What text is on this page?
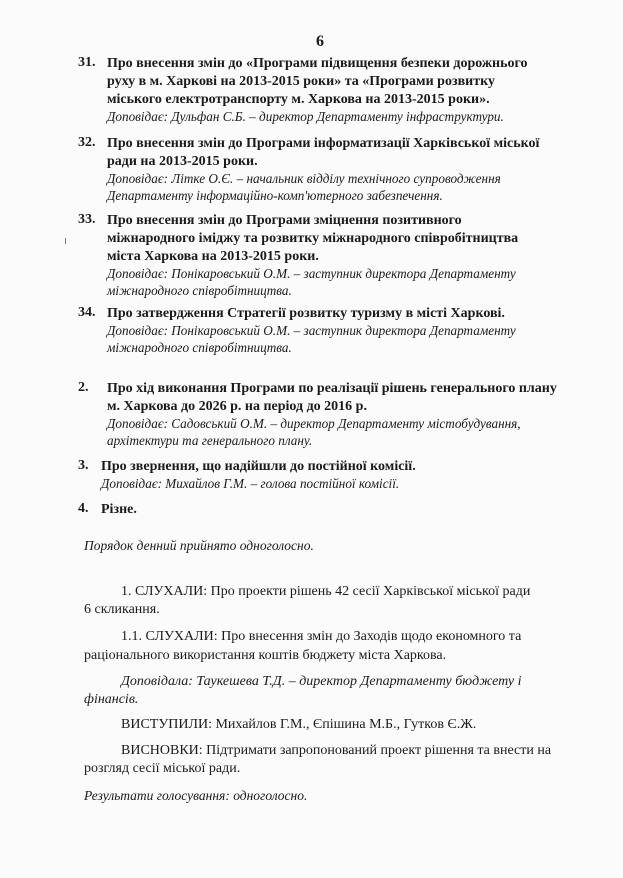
6
31. Про внесення змін до «Програми підвищення безпеки дорожнього
руху в м. Харкові на 2013-2015 роки» та «Програми розвитку
міського електротранспорту м. Харкова на 2013-2015 роки».
Доповідає: Дульфан С.Б. – директор Департаменту інфраструктури.
32. Про внесення змін до Програми інформатизації Харківської міської
ради на 2013-2015 роки.
Доповідає: Літке О.Є. – начальник відділу технічного супроводження
Департаменту інформаційно-комп'ютерного забезпечення.
33. Про внесення змін до Програми зміцнення позитивного
міжнародного іміджу та розвитку міжнародного співробітництва
міста Харкова на 2013-2015 роки.
Доповідає: Понікаровський О.М. – заступник директора Департаменту
міжнародного співробітництва.
34. Про затвердження Стратегії розвитку туризму в місті Харкові.
Доповідає: Понікаровський О.М. – заступник директора Департаменту
міжнародного співробітництва.
2. Про хід виконання Програми по реалізації рішень генерального плану
м. Харкова до 2026 р. на період до 2016 р.
Доповідає: Садовський О.М. – директор Департаменту містобудування,
архітектури та генерального плану.
3. Про звернення, що надійшли до постійної комісії.
Доповідає: Михайлов Г.М. – голова постійної комісії.
4. Різне.
Порядок денний прийнято одноголосно.
1. СЛУХАЛИ: Про проекти рішень 42 сесії Харківської міської ради
6 скликання.
1.1. СЛУХАЛИ: Про внесення змін до Заходів щодо економного та
раціонального використання коштів бюджету міста Харкова.
Доповідала: Таукешева Т.Д. – директор Департаменту бюджету і
фінансів.
ВИСТУПИЛИ: Михайлов Г.М., Єпішина М.Б., Гутков Є.Ж.
ВИСНОВКИ: Підтримати запропонований проект рішення та внести на
розгляд сесії міської ради.
Результати голосування: одноголосно.
